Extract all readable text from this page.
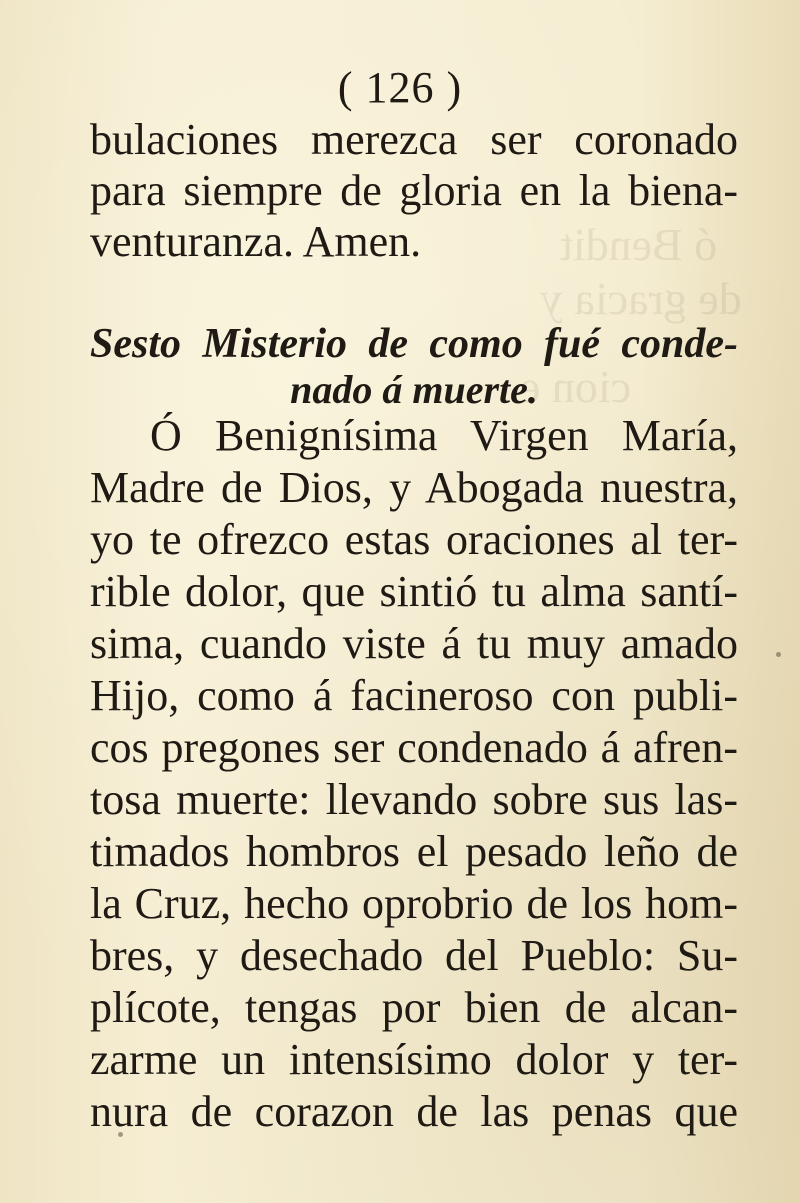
ó Bendit
de gracia y
cion e
( 126 )
bulaciones merezca ser coronado
para siempre de gloria en la biena-
venturanza. Amen.
Sesto Misterio de como fué conde-
nado á muerte.
Ó Benignísima Virgen María,
Madre de Dios, y Abogada nuestra,
yo te ofrezco estas oraciones al ter-
rible dolor, que sintió tu alma santí-
sima, cuando viste á tu muy amado
Hijo, como á facineroso con publi-
cos pregones ser condenado á afren-
tosa muerte: llevando sobre sus las-
timados hombros el pesado leño de
la Cruz, hecho oprobrio de los hom-
bres, y desechado del Pueblo: Su-
plícote, tengas por bien de alcan-
zarme un intensísimo dolor y ter-
nura de corazon de las penas que
